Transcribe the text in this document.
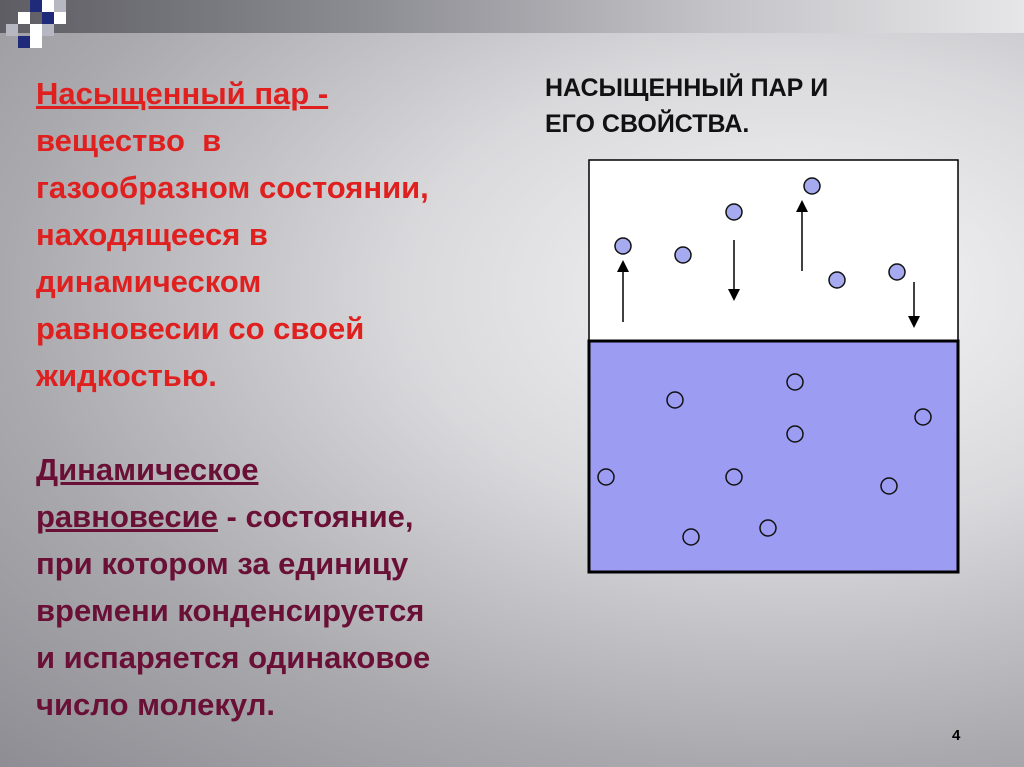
Насыщенный пар -
вещество  в
газообразном состоянии,
находящееся в
динамическом
равновесии со своей
жидкостью.
Динамическое
равновесие - состояние,
при котором за единицу
времени конденсируется
и испаряется одинаковое
число молекул.
НАСЫЩЕННЫЙ ПАР И
ЕГО СВОЙСТВА.
4
